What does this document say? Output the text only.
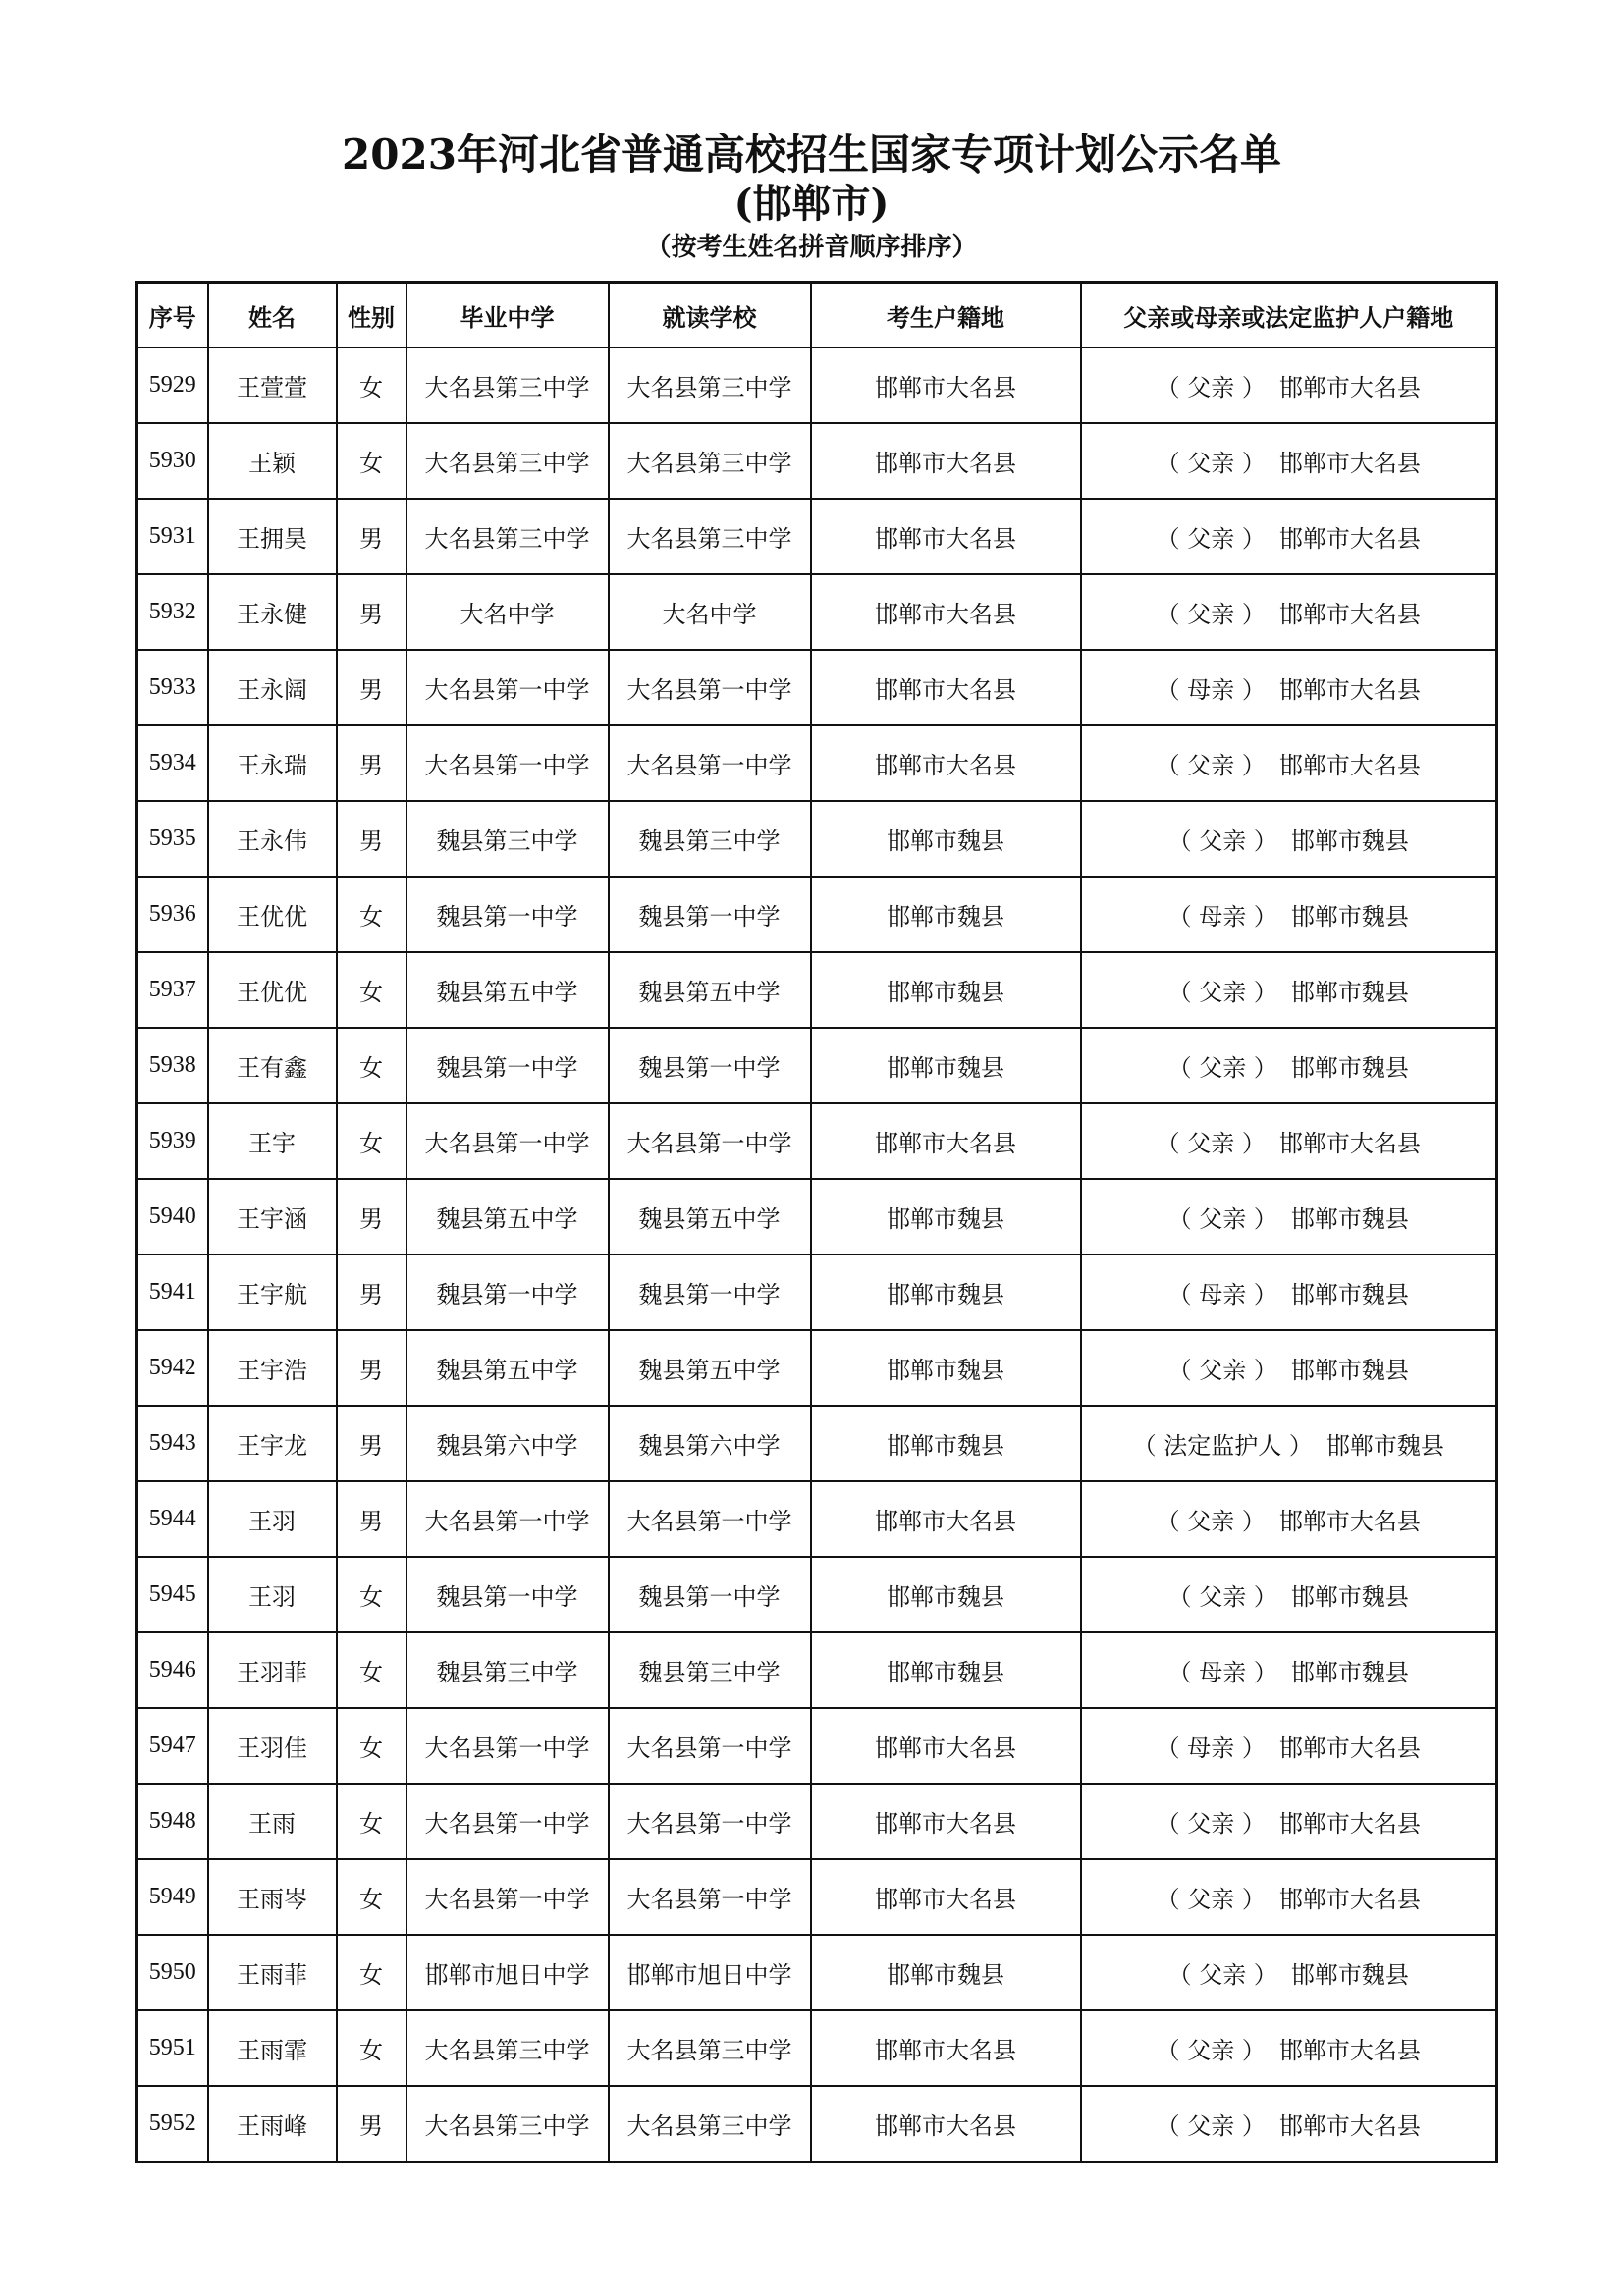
2023年河北省普通高校招生国家专项计划公示名单
(邯郸市)
（按考生姓名拼音顺序排序）
序号	姓名	性别	毕业中学	就读学校	考生户籍地	父亲或母亲或法定监护人户籍地
5929	王萱萱	女	大名县第三中学	大名县第三中学	邯郸市大名县	（ 父亲 ） 邯郸市大名县
5930	王颖	女	大名县第三中学	大名县第三中学	邯郸市大名县	（ 父亲 ） 邯郸市大名县
5931	王拥昊	男	大名县第三中学	大名县第三中学	邯郸市大名县	（ 父亲 ） 邯郸市大名县
5932	王永健	男	大名中学	大名中学	邯郸市大名县	（ 父亲 ） 邯郸市大名县
5933	王永阔	男	大名县第一中学	大名县第一中学	邯郸市大名县	（ 母亲 ） 邯郸市大名县
5934	王永瑞	男	大名县第一中学	大名县第一中学	邯郸市大名县	（ 父亲 ） 邯郸市大名县
5935	王永伟	男	魏县第三中学	魏县第三中学	邯郸市魏县	（ 父亲 ） 邯郸市魏县
5936	王优优	女	魏县第一中学	魏县第一中学	邯郸市魏县	（ 母亲 ） 邯郸市魏县
5937	王优优	女	魏县第五中学	魏县第五中学	邯郸市魏县	（ 父亲 ） 邯郸市魏县
5938	王有鑫	女	魏县第一中学	魏县第一中学	邯郸市魏县	（ 父亲 ） 邯郸市魏县
5939	王宇	女	大名县第一中学	大名县第一中学	邯郸市大名县	（ 父亲 ） 邯郸市大名县
5940	王宇涵	男	魏县第五中学	魏县第五中学	邯郸市魏县	（ 父亲 ） 邯郸市魏县
5941	王宇航	男	魏县第一中学	魏县第一中学	邯郸市魏县	（ 母亲 ） 邯郸市魏县
5942	王宇浩	男	魏县第五中学	魏县第五中学	邯郸市魏县	（ 父亲 ） 邯郸市魏县
5943	王宇龙	男	魏县第六中学	魏县第六中学	邯郸市魏县	（ 法定监护人 ） 邯郸市魏县
5944	王羽	男	大名县第一中学	大名县第一中学	邯郸市大名县	（ 父亲 ） 邯郸市大名县
5945	王羽	女	魏县第一中学	魏县第一中学	邯郸市魏县	（ 父亲 ） 邯郸市魏县
5946	王羽菲	女	魏县第三中学	魏县第三中学	邯郸市魏县	（ 母亲 ） 邯郸市魏县
5947	王羽佳	女	大名县第一中学	大名县第一中学	邯郸市大名县	（ 母亲 ） 邯郸市大名县
5948	王雨	女	大名县第一中学	大名县第一中学	邯郸市大名县	（ 父亲 ） 邯郸市大名县
5949	王雨岑	女	大名县第一中学	大名县第一中学	邯郸市大名县	（ 父亲 ） 邯郸市大名县
5950	王雨菲	女	邯郸市旭日中学	邯郸市旭日中学	邯郸市魏县	（ 父亲 ） 邯郸市魏县
5951	王雨霏	女	大名县第三中学	大名县第三中学	邯郸市大名县	（ 父亲 ） 邯郸市大名县
5952	王雨峰	男	大名县第三中学	大名县第三中学	邯郸市大名县	（ 父亲 ） 邯郸市大名县
